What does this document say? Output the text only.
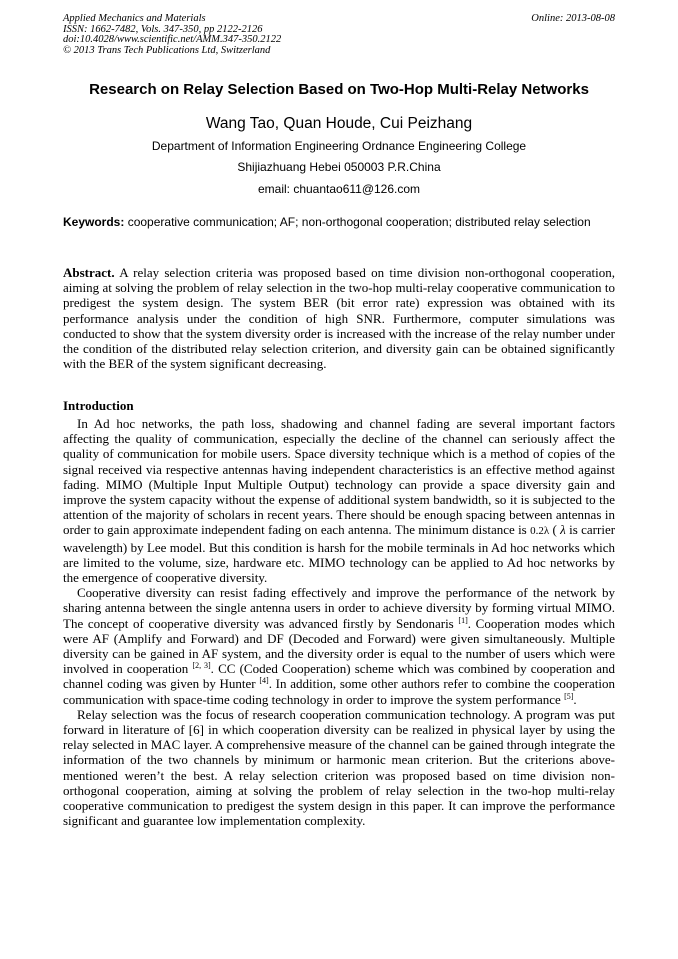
Applied Mechanics and Materials
ISSN: 1662-7482, Vols. 347-350, pp 2122-2126
doi:10.4028/www.scientific.net/AMM.347-350.2122
© 2013 Trans Tech Publications Ltd, Switzerland
Online: 2013-08-08
Research on Relay Selection Based on Two-Hop Multi-Relay Networks
Wang Tao, Quan Houde, Cui Peizhang
Department of Information Engineering Ordnance Engineering College
Shijiazhuang Hebei 050003 P.R.China
email: chuantao611@126.com
Keywords: cooperative communication; AF; non-orthogonal cooperation; distributed relay selection
Abstract. A relay selection criteria was proposed based on time division non-orthogonal cooperation, aiming at solving the problem of relay selection in the two-hop multi-relay cooperative communication to predigest the system design. The system BER (bit error rate) expression was obtained with its performance analysis under the condition of high SNR. Furthermore, computer simulations was conducted to show that the system diversity order is increased with the increase of the relay number under the condition of the distributed relay selection criterion, and diversity gain can be obtained significantly with the BER of the system significant decreasing.
Introduction

In Ad hoc networks, the path loss, shadowing and channel fading are several important factors affecting the quality of communication, especially the decline of the channel can seriously affect the quality of communication for mobile users. Space diversity technique which is a method of copies of the signal received via respective antennas having independent characteristics is an effective method against fading. MIMO (Multiple Input Multiple Output) technology can provide a space diversity gain and improve the system capacity without the expense of additional system bandwidth, so it is subjected to the attention of the majority of scholars in recent years. There should be enough spacing between antennas in order to gain approximate independent fading on each antenna. The minimum distance is 0.2λ ( λ is carrier wavelength) by Lee model. But this condition is harsh for the mobile terminals in Ad hoc networks which are limited to the volume, size, hardware etc. MIMO technology can be applied to Ad hoc networks by the emergence of cooperative diversity.

Cooperative diversity can resist fading effectively and improve the performance of the network by sharing antenna between the single antenna users in order to achieve diversity by forming virtual MIMO. The concept of cooperative diversity was advanced firstly by Sendonaris [1]. Cooperation modes which were AF (Amplify and Forward) and DF (Decoded and Forward) were given simultaneously. Multiple diversity can be gained in AF system, and the diversity order is equal to the number of users which were involved in cooperation [2, 3]. CC (Coded Cooperation) scheme which was combined by cooperation and channel coding was given by Hunter [4]. In addition, some other authors refer to combine the cooperation communication with space-time coding technology in order to improve the system performance [5].

Relay selection was the focus of research cooperation communication technology. A program was put forward in literature of [6] in which cooperation diversity can be realized in physical layer by using the relay selected in MAC layer. A comprehensive measure of the channel can be gained through integrate the information of the two channels by minimum or harmonic mean criterion. But the criterions above-mentioned weren’t the best. A relay selection criterion was proposed based on time division non-orthogonal cooperation, aiming at solving the problem of relay selection in the two-hop multi-relay cooperative communication to predigest the system design in this paper. It can improve the performance significant and guarantee low implementation complexity.
